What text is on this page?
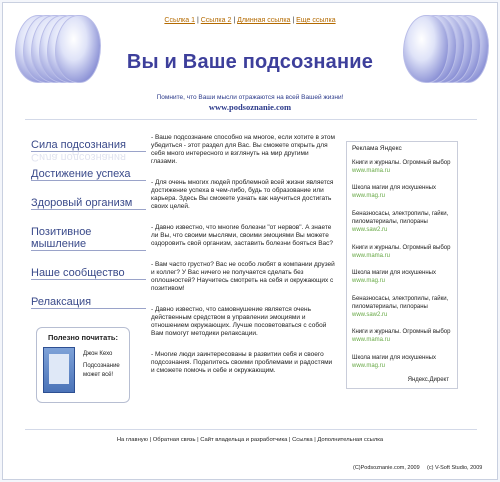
Ссылка 1 | Ссылка 2 | Длинная ссылка | Еще ссылка
Вы и Ваше подсознание
Помните, что Ваши мысли отражаются на всей Вашей жизни!
www.podsoznanie.com
Сила подсознания
Сила подсознания
Достижение успеха
Здоровый организм
Позитивное мышление
Наше сообщество
Релаксация
Полезно почитать:
Джон Кехо
Подсознание
может всё!

- Ваше подсознание способно на многое, если хотите в этом убедиться - этот раздел для Вас. Вы сможете открыть для себя много интересного и взглянуть на мир другими глазами.

- Для очень многих людей проблемной всей жизни является достижение успеха в чем-либо, будь то образование или карьера. Здесь Вы сможете узнать как научиться достигать своих целей.

- Давно известно, что многие болезни "от нервов". А знаете ли Вы, что своими мыслями, своими эмоциями Вы можете оздоровить свой организм, заставить болезни бояться Вас?

- Вам часто грустно? Вас не особо любят в компании друзей и коллег? У Вас ничего не получается сделать без оплошностей? Научитесь смотреть на себя и окружающих с позитивом!

- Давно известно, что самовнушение является очень действенным средством в управлении эмоциями и отношением окружающих. Лучше посоветоваться с собой Вам помогут методики релаксации.

- Многие люди заинтересованы в развитии себя и своего подсознания. Поделитесь своими проблемами и радостями и сможете помочь и себе и окружающим.

Реклама Яндекс
Книги и журналы. Огромный выбор
www.mama.ru
Школа магии для искушенных
www.mag.ru
Беназносасы, электропилы, гайки, пиломатериалы, пилораны
www.saw2.ru
Книги и журналы. Огромный выбор
www.mama.ru
Школа магии для искушенных
www.mag.ru
Беназносасы, электропилы, гайки, пиломатериалы, пилораны
www.saw2.ru
Книги и журналы. Огромный выбор
www.mama.ru
Школа магии для искушенных
www.mag.ru
Яндекс.Директ
На главную | Обратная связь | Сайт владельца и разработчика | Ссылка | Дополнительная ссылка
(C)Podsoznanie.com, 2009 (c) V-Soft Studio, 2009
